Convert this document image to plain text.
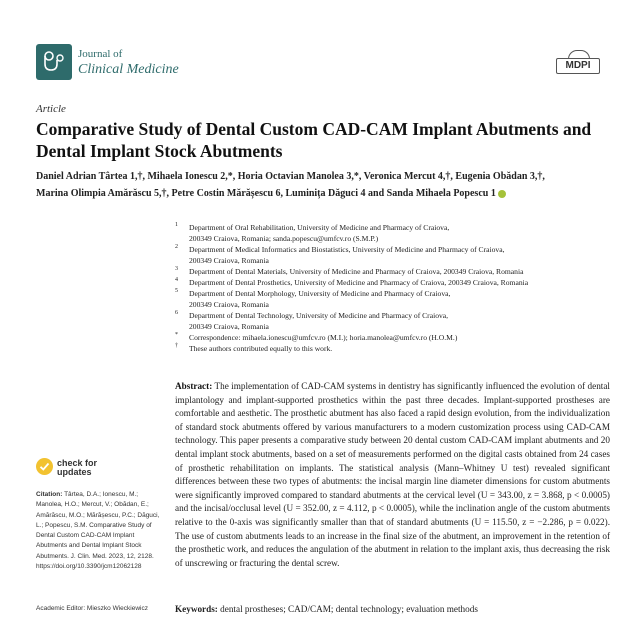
Journal of
Clinical Medicine	MDPI
Article
Comparative Study of Dental Custom CAD-CAM Implant Abutments and Dental Implant Stock Abutments
Daniel Adrian Târtea 1,†, Mihaela Ionescu 2,*, Horia Octavian Manolea 3,*, Veronica Mercut 4,†, Eugenia Obădan 3,†,
Marina Olimpia Amărăscu 5,†, Petre Costin Mărășescu 6, Luminița Dăguci 4 and Sanda Mihaela Popescu 1
1 Department of Oral Rehabilitation, University of Medicine and Pharmacy of Craiova,
200349 Craiova, Romania; sanda.popescu@umfcv.ro (S.M.P.)
2 Department of Medical Informatics and Biostatistics, University of Medicine and Pharmacy of Craiova,
200349 Craiova, Romania
3 Department of Dental Materials, University of Medicine and Pharmacy of Craiova, 200349 Craiova, Romania
4 Department of Dental Prosthetics, University of Medicine and Pharmacy of Craiova, 200349 Craiova, Romania
5 Department of Dental Morphology, University of Medicine and Pharmacy of Craiova,
200349 Craiova, Romania
6 Department of Dental Technology, University of Medicine and Pharmacy of Craiova,
200349 Craiova, Romania
* Correspondence: mihaela.ionescu@umfcv.ro (M.I.); horia.manolea@umfcv.ro (H.O.M.)
† These authors contributed equally to this work.
Abstract: The implementation of CAD-CAM systems in dentistry has significantly influenced the evolution of dental implantology and implant-supported prosthetics within the past three decades. Implant-supported prostheses are comfortable and aesthetic. The prosthetic abutment has also faced a rapid design evolution, from the individualization of standard stock abutments offered by various manufacturers to a modern customization process using CAD-CAM technology. This paper presents a comparative study between 20 dental custom CAD-CAM implant abutments and 20 dental implant stock abutments, based on a set of measurements performed on the digital casts obtained from 24 cases of prosthetic rehabilitation on implants. The statistical analysis (Mann–Whitney U test) revealed significant differences between these two types of abutments: the incisal margin line diameter dimensions for custom abutments were significantly improved compared to standard abutments at the cervical level (U = 343.00, z = 3.868, p < 0.0005) and the incisal/occlusal level (U = 352.00, z = 4.112, p < 0.0005), while the inclination angle of the custom abutments relative to the 0-axis was significantly smaller than that of standard abutments (U = 115.50, z = −2.286, p = 0.022). The use of custom abutments leads to an increase in the final size of the abutment, an improvement in the retention of the prosthetic work, and reduces the angulation of the abutment in relation to the implant axis, thus decreasing the risk of unscrewing or fracturing the dental screw.
Keywords: dental prostheses; CAD/CAM; dental technology; evaluation methods
check for
updates
Citation: Târtea, D.A.; Ionescu, M.; Manolea, H.O.; Mercut, V.; Obădan, E.; Amărăscu, M.O.; Mărășescu, P.C.; Dăguci, L.; Popescu, S.M. Comparative Study of Dental Custom CAD-CAM Implant Abutments and Dental Implant Stock Abutments. J. Clin. Med. 2023, 12, 2128. https://doi.org/10.3390/jcm12062128
Academic Editor: Mieszko Wieckiewicz
